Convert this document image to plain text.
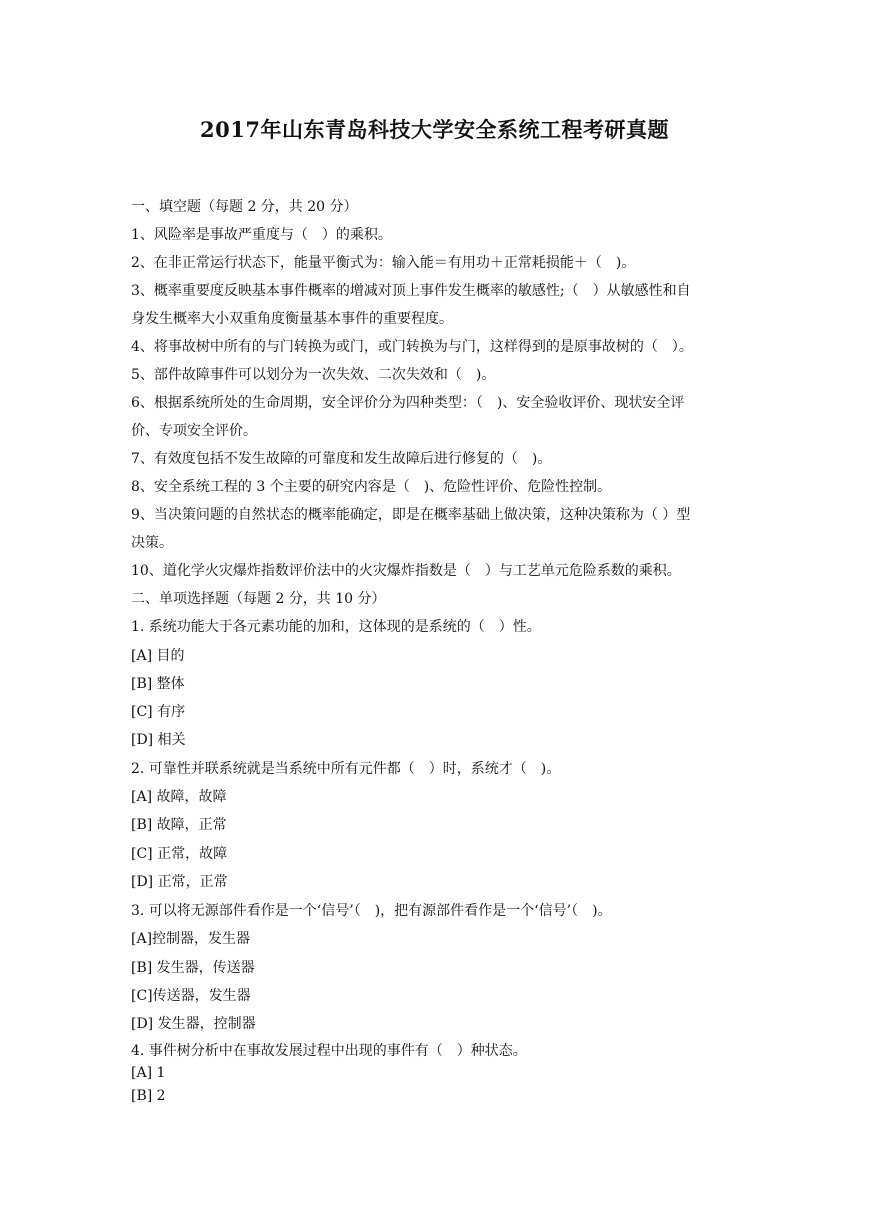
2017年山东青岛科技大学安全系统工程考研真题
一、填空题（每题 2 分，共 20 分）
1、风险率是事故严重度与（　）的乘积。
2、在非正常运行状态下，能量平衡式为：输入能＝有用功＋正常耗损能＋（　)。
3、概率重要度反映基本事件概率的增减对顶上事件发生概率的敏感性;（　）从敏感性和自
身发生概率大小双重角度衡量基本事件的重要程度。
4、将事故树中所有的与门转换为或门，或门转换为与门，这样得到的是原事故树的（　）。
5、部件故障事件可以划分为一次失效、二次失效和（　)。
6、根据系统所处的生命周期，安全评价分为四种类型：（　)、安全验收评价、现状安全评
价、专项安全评价。
7、有效度包括不发生故障的可靠度和发生故障后进行修复的（　)。
8、安全系统工程的 3 个主要的研究内容是（　)、危险性评价、危险性控制。
9、当决策问题的自然状态的概率能确定，即是在概率基础上做决策，这种决策称为（ ）型
决策。
10、道化学火灾爆炸指数评价法中的火灾爆炸指数是（　）与工艺单元危险系数的乘积。
二、单项选择题（每题 2 分，共 10 分）
1. 系统功能大于各元素功能的加和，这体现的是系统的（　）性。
[A] 目的
[B] 整体
[C] 有序
[D] 相关
2. 可靠性并联系统就是当系统中所有元件都（　）时，系统才（　)。
[A] 故障，故障
[B] 故障，正常
[C] 正常，故障
[D] 正常，正常
3. 可以将无源部件看作是一个‘信号’（　)，把有源部件看作是一个‘信号’（　)。
[A]控制器，发生器
[B] 发生器，传送器
[C]传送器，发生器
[D] 发生器，控制器
4. 事件树分析中在事故发展过程中出现的事件有（　）种状态。
[A] 1
[B] 2
